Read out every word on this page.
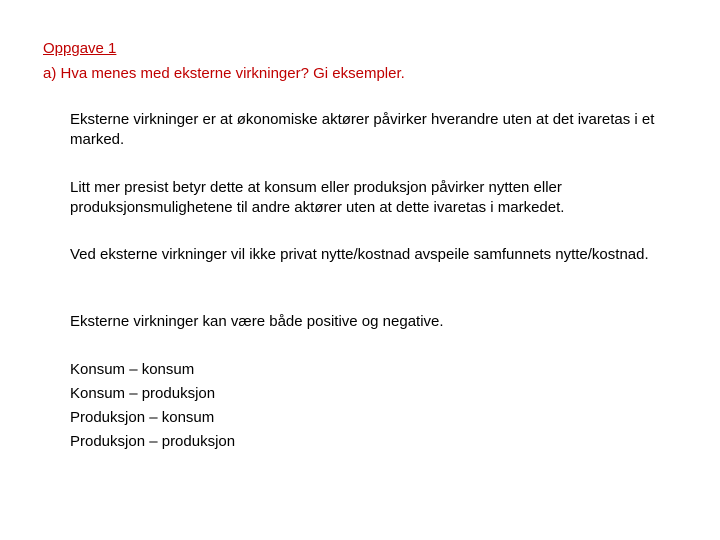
Oppgave 1
a) Hva menes med eksterne virkninger? Gi eksempler.

Eksterne virkninger er at økonomiske aktører påvirker hverandre uten at det ivaretas i et marked.

Litt mer presist betyr dette at konsum eller produksjon påvirker nytten eller produksjonsmulighetene til andre aktører uten at dette ivaretas i markedet.

Ved eksterne virkninger vil ikke privat nytte/kostnad avspeile samfunnets nytte/kostnad.

Eksterne virkninger kan være både positive og negative.

Konsum – konsum
Konsum – produksjon
Produksjon – konsum
Produksjon – produksjon
